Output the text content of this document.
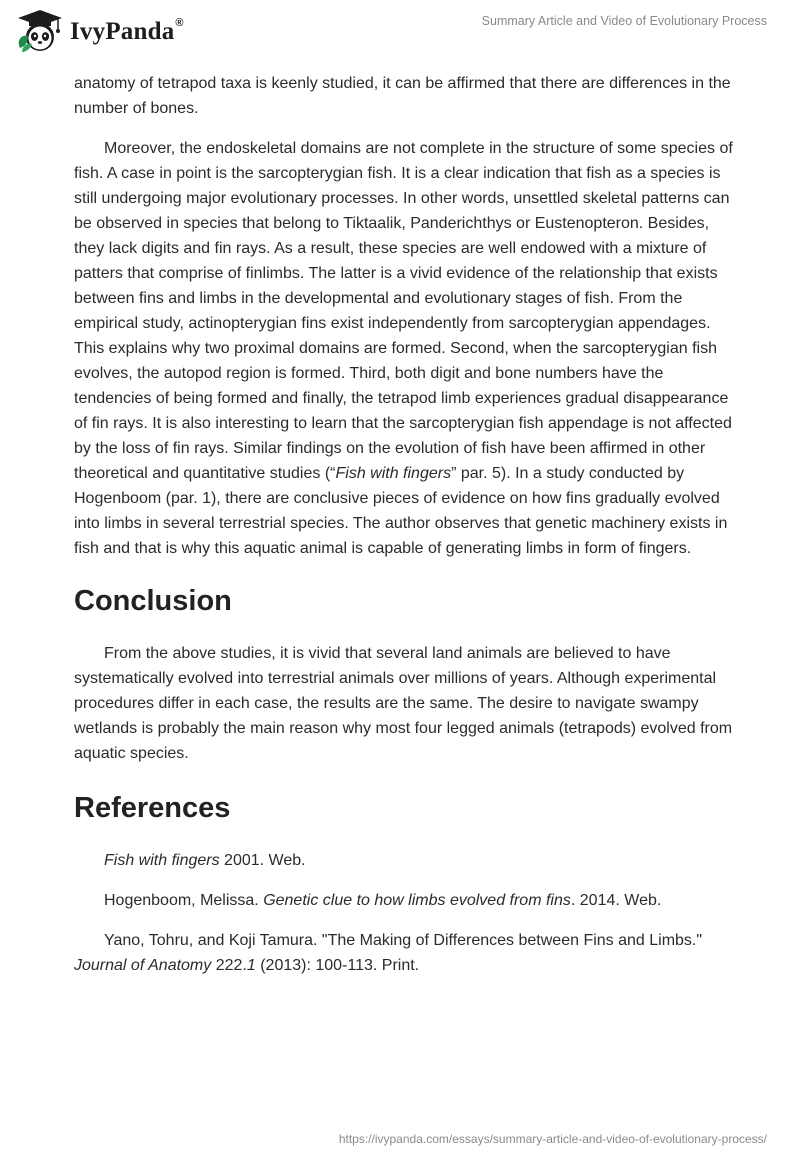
IvyPanda®	Summary Article and Video of Evolutionary Process

anatomy of tetrapod taxa is keenly studied, it can be affirmed that there are differences in the number of bones.

Moreover, the endoskeletal domains are not complete in the structure of some species of fish. A case in point is the sarcopterygian fish. It is a clear indication that fish as a species is still undergoing major evolutionary processes. In other words, unsettled skeletal patterns can be observed in species that belong to Tiktaalik, Panderichthys or Eustenopteron. Besides, they lack digits and fin rays. As a result, these species are well endowed with a mixture of patters that comprise of finlimbs. The latter is a vivid evidence of the relationship that exists between fins and limbs in the developmental and evolutionary stages of fish. From the empirical study, actinopterygian fins exist independently from sarcopterygian appendages. This explains why two proximal domains are formed. Second, when the sarcopterygian fish evolves, the autopod region is formed. Third, both digit and bone numbers have the tendencies of being formed and finally, the tetrapod limb experiences gradual disappearance of fin rays. It is also interesting to learn that the sarcopterygian fish appendage is not affected by the loss of fin rays. Similar findings on the evolution of fish have been affirmed in other theoretical and quantitative studies (“Fish with fingers” par. 5). In a study conducted by Hogenboom (par. 1), there are conclusive pieces of evidence on how fins gradually evolved into limbs in several terrestrial species. The author observes that genetic machinery exists in fish and that is why this aquatic animal is capable of generating limbs in form of fingers.

Conclusion

From the above studies, it is vivid that several land animals are believed to have systematically evolved into terrestrial animals over millions of years. Although experimental procedures differ in each case, the results are the same. The desire to navigate swampy wetlands is probably the main reason why most four legged animals (tetrapods) evolved from aquatic species.

References

Fish with fingers 2001. Web.

Hogenboom, Melissa. Genetic clue to how limbs evolved from fins. 2014. Web.

Yano, Tohru, and Koji Tamura. "The Making of Differences between Fins and Limbs." Journal of Anatomy 222.1 (2013): 100-113. Print.

https://ivypanda.com/essays/summary-article-and-video-of-evolutionary-process/
